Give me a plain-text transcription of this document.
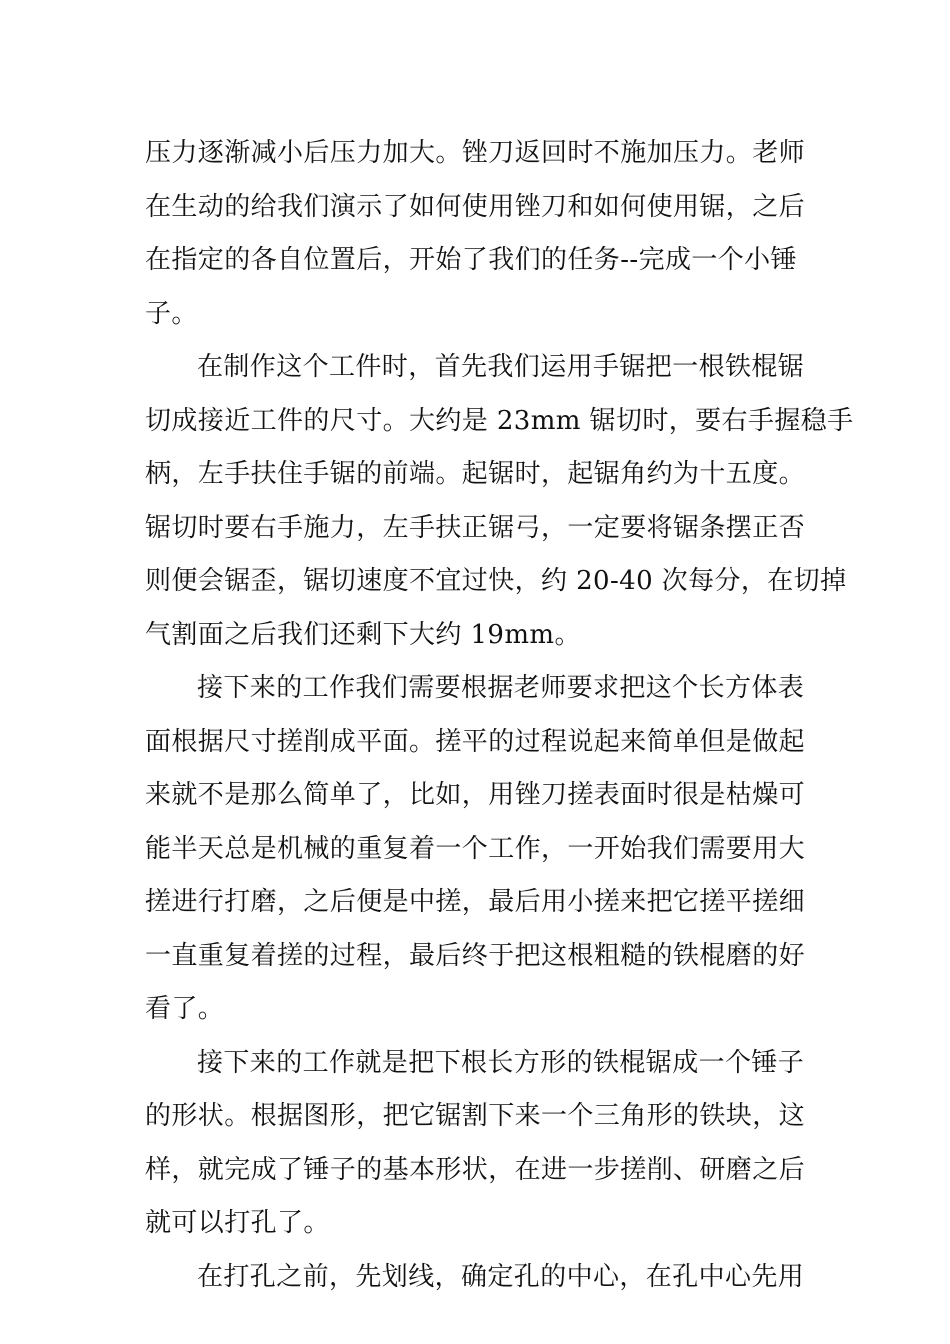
压力逐渐减小后压力加大。锉刀返回时不施加压力。老师
在生动的给我们演示了如何使用锉刀和如何使用锯，之后
在指定的各自位置后，开始了我们的任务--完成一个小锤
子。
在制作这个工件时，首先我们运用手锯把一根铁棍锯
切成接近工件的尺寸。大约是 23mm 锯切时，要右手握稳手
柄，左手扶住手锯的前端。起锯时，起锯角约为十五度。
锯切时要右手施力，左手扶正锯弓，一定要将锯条摆正否
则便会锯歪，锯切速度不宜过快，约 20-40 次每分，在切掉
气割面之后我们还剩下大约 19mm。
接下来的工作我们需要根据老师要求把这个长方体表
面根据尺寸搓削成平面。搓平的过程说起来简单但是做起
来就不是那么简单了，比如，用锉刀搓表面时很是枯燥可
能半天总是机械的重复着一个工作，一开始我们需要用大
搓进行打磨，之后便是中搓，最后用小搓来把它搓平搓细
一直重复着搓的过程，最后终于把这根粗糙的铁棍磨的好
看了。
接下来的工作就是把下根长方形的铁棍锯成一个锤子
的形状。根据图形，把它锯割下来一个三角形的铁块，这
样，就完成了锤子的基本形状，在进一步搓削、研磨之后
就可以打孔了。
在打孔之前，先划线，确定孔的中心，在孔中心先用
